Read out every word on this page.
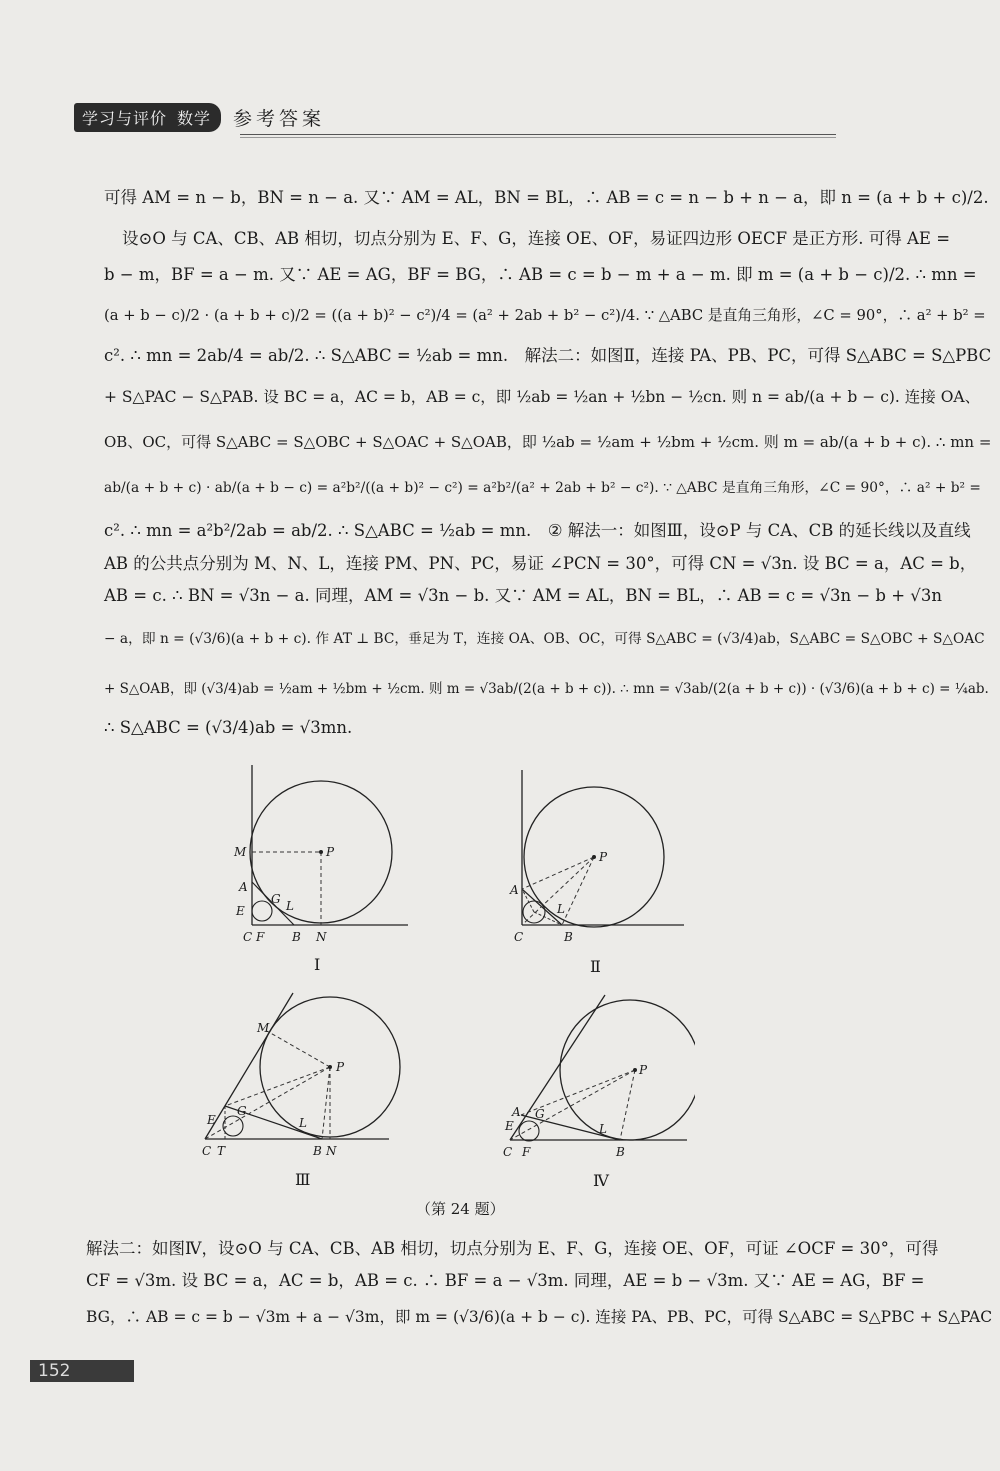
学习与评价 数学	参考答案
可得 AM = n − b，BN = n − a. 又∵ AM = AL，BN = BL，∴ AB = c = n − b + n − a，即 n = (a + b + c)/2.
设⊙O 与 CA、CB、AB 相切，切点分别为 E、F、G，连接 OE、OF，易证四边形 OECF 是正方形. 可得 AE =
b − m，BF = a − m. 又∵ AE = AG，BF = BG，∴ AB = c = b − m + a − m. 即 m = (a + b − c)/2. ∴ mn =
(a + b − c)/2 · (a + b + c)/2 = ((a + b)² − c²)/4 = (a² + 2ab + b² − c²)/4. ∵ △ABC 是直角三角形，∠C = 90°，∴ a² + b² =
c². ∴ mn = 2ab/4 = ab/2. ∴ S△ABC = ½ab = mn.　解法二：如图Ⅱ，连接 PA、PB、PC，可得 S△ABC = S△PBC
+ S△PAC − S△PAB. 设 BC = a，AC = b，AB = c，即 ½ab = ½an + ½bn − ½cn. 则 n = ab/(a + b − c). 连接 OA、
OB、OC，可得 S△ABC = S△OBC + S△OAC + S△OAB，即 ½ab = ½am + ½bm + ½cm. 则 m = ab/(a + b + c). ∴ mn =
ab/(a + b + c) · ab/(a + b − c) = a²b²/((a + b)² − c²) = a²b²/(a² + 2ab + b² − c²). ∵ △ABC 是直角三角形，∠C = 90°，∴ a² + b² =
c². ∴ mn = a²b²/2ab = ab/2. ∴ S△ABC = ½ab = mn.　② 解法一：如图Ⅲ，设⊙P 与 CA、CB 的延长线以及直线
AB 的公共点分别为 M、N、L，连接 PM、PN、PC，易证 ∠PCN = 30°，可得 CN = √3n. 设 BC = a，AC = b，
AB = c. ∴ BN = √3n − a. 同理，AM = √3n − b. 又∵ AM = AL，BN = BL，∴ AB = c = √3n − b + √3n
− a，即 n = (√3/6)(a + b + c). 作 AT ⊥ BC，垂足为 T，连接 OA、OB、OC，可得 S△ABC = (√3/4)ab，S△ABC = S△OBC + S△OAC
+ S△OAB，即 (√3/4)ab = ½am + ½bm + ½cm. 则 m = √3ab/(2(a + b + c)). ∴ mn = √3ab/(2(a + b + c)) · (√3/6)(a + b + c) = ¼ab.
∴ S△ABC = (√3/4)ab = √3mn.
M	P
A
G
E	L
C F B N
Ⅰ
P
A
L
C	B
Ⅱ
M
P
E
G
L
C T	B N
Ⅲ
P
A G
E	L
C F	B
Ⅳ
（第 24 题）
解法二：如图Ⅳ，设⊙O 与 CA、CB、AB 相切，切点分别为 E、F、G，连接 OE、OF，可证 ∠OCF = 30°，可得
CF = √3m. 设 BC = a，AC = b，AB = c. ∴ BF = a − √3m. 同理，AE = b − √3m. 又∵ AE = AG，BF =
BG，∴ AB = c = b − √3m + a − √3m，即 m = (√3/6)(a + b − c). 连接 PA、PB、PC，可得 S△ABC = S△PBC + S△PAC
152
